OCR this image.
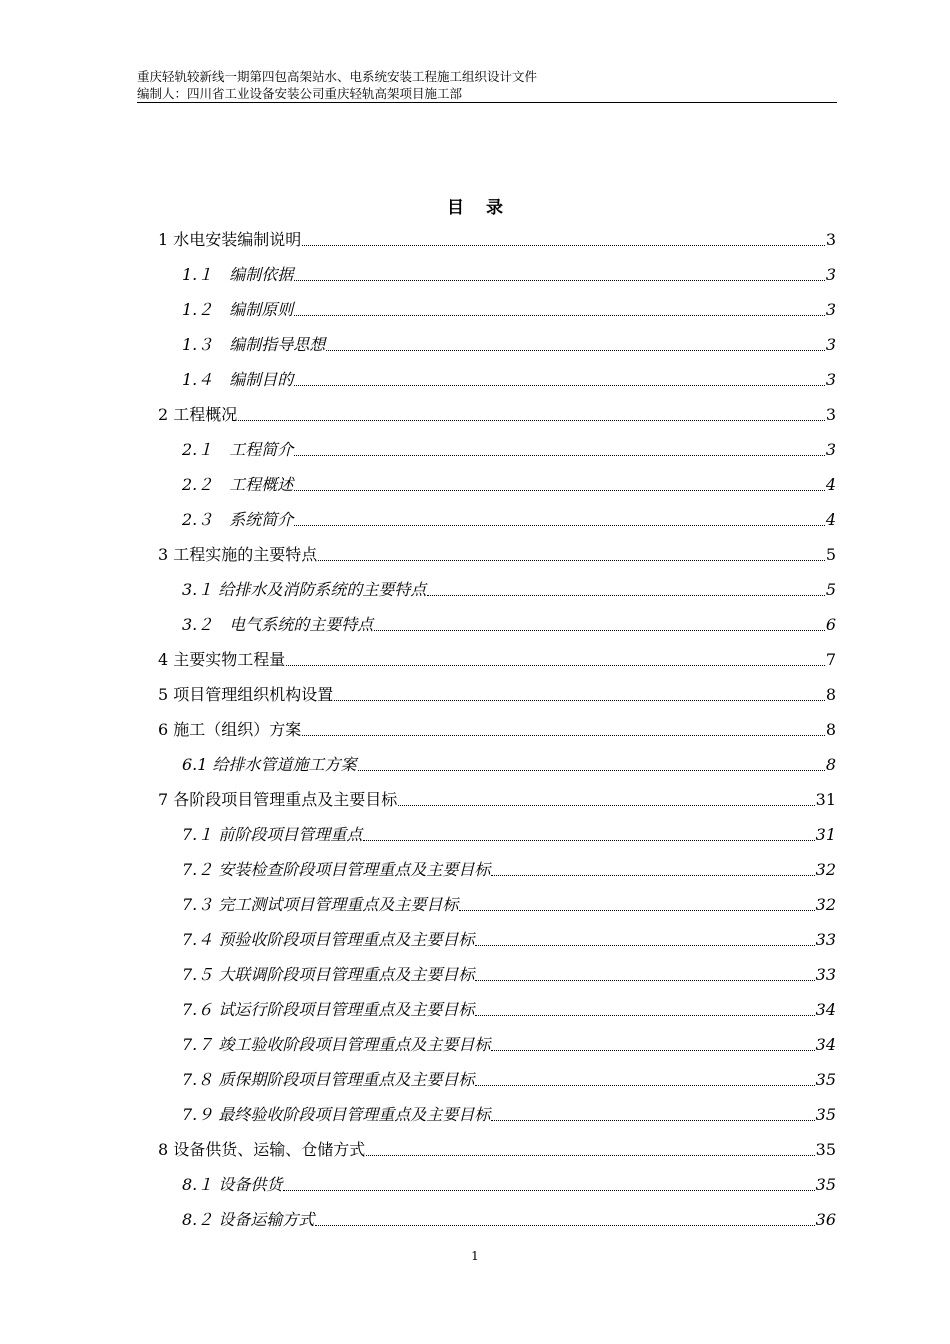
重庆轻轨较新线一期第四包高架站水、电系统安装工程施工组织设计文件
编制人：四川省工业设备安装公司重庆轻轨高架项目施工部
目录
1 水电安装编制说明	3
1.１　编制依据	3
1.２　编制原则	3
1.３　编制指导思想	3
1.４　编制目的	3
2 工程概况	3
2.１　工程简介	3
2.２　工程概述	4
2.３　系统简介	4
3 工程实施的主要特点	5
3.１ 给排水及消防系统的主要特点	5
3.２　电气系统的主要特点	6
4 主要实物工程量	7
5 项目管理组织机构设置	8
6 施工（组织）方案	8
6.1 给排水管道施工方案	8
7 各阶段项目管理重点及主要目标	31
7.１ 前阶段项目管理重点	31
7.２ 安装检查阶段项目管理重点及主要目标	32
7.３ 完工测试项目管理重点及主要目标	32
7.４ 预验收阶段项目管理重点及主要目标	33
7.５ 大联调阶段项目管理重点及主要目标	33
7.６ 试运行阶段项目管理重点及主要目标	34
7.７ 竣工验收阶段项目管理重点及主要目标	34
7.８ 质保期阶段项目管理重点及主要目标	35
7.９ 最终验收阶段项目管理重点及主要目标	35
8 设备供货、运输、仓储方式	35
8.１ 设备供货	35
8.２ 设备运输方式	36
1
